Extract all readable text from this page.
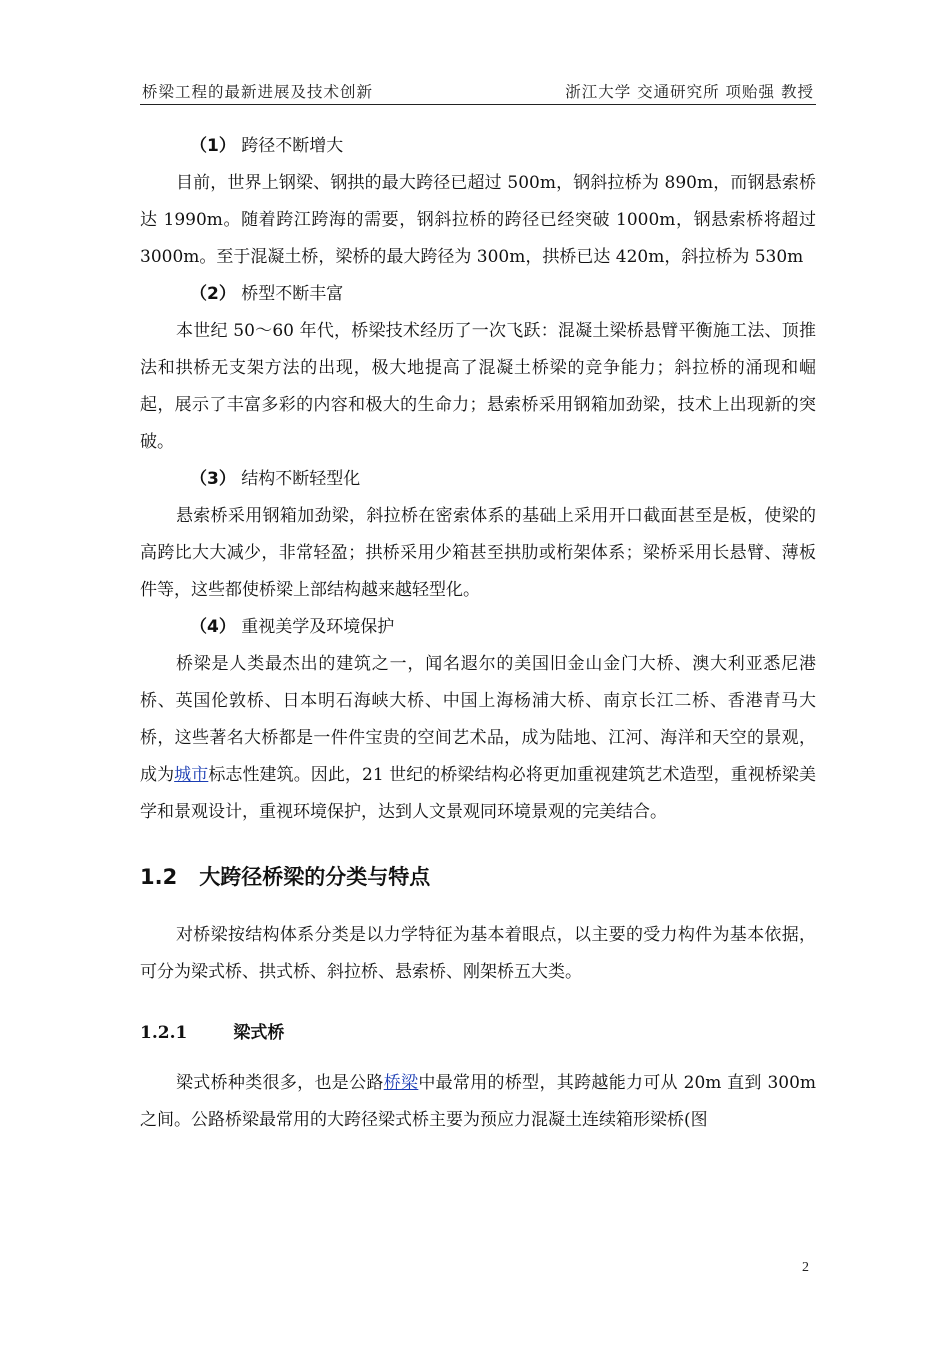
桥梁工程的最新进展及技术创新	浙江大学 交通研究所 项贻强 教授

（1） 跨径不断增大

目前，世界上钢梁、钢拱的最大跨径已超过 500m，钢斜拉桥为 890m，而钢悬索桥达 1990m。随着跨江跨海的需要，钢斜拉桥的跨径已经突破 1000m，钢悬索桥将超过 3000m。至于混凝土桥，梁桥的最大跨径为 300m，拱桥已达 420m，斜拉桥为 530m

（2） 桥型不断丰富

本世纪 50～60 年代，桥梁技术经历了一次飞跃：混凝土梁桥悬臂平衡施工法、顶推法和拱桥无支架方法的出现，极大地提高了混凝土桥梁的竞争能力；斜拉桥的涌现和崛起，展示了丰富多彩的内容和极大的生命力；悬索桥采用钢箱加劲梁，技术上出现新的突破。

（3） 结构不断轻型化

悬索桥采用钢箱加劲梁，斜拉桥在密索体系的基础上采用开口截面甚至是板，使梁的高跨比大大减少，非常轻盈；拱桥采用少箱甚至拱肋或桁架体系；梁桥采用长悬臂、薄板件等，这些都使桥梁上部结构越来越轻型化。

（4） 重视美学及环境保护

桥梁是人类最杰出的建筑之一，闻名遐尔的美国旧金山金门大桥、澳大利亚悉尼港桥、英国伦敦桥、日本明石海峡大桥、中国上海杨浦大桥、南京长江二桥、香港青马大桥，这些著名大桥都是一件件宝贵的空间艺术品，成为陆地、江河、海洋和天空的景观，成为城市标志性建筑。因此，21 世纪的桥梁结构必将更加重视建筑艺术造型，重视桥梁美学和景观设计，重视环境保护，达到人文景观同环境景观的完美结合。

1.2 大跨径桥梁的分类与特点

对桥梁按结构体系分类是以力学特征为基本着眼点，以主要的受力构件为基本依据，可分为梁式桥、拱式桥、斜拉桥、悬索桥、刚架桥五大类。

1.2.1	梁式桥

梁式桥种类很多，也是公路桥梁中最常用的桥型，其跨越能力可从 20m 直到 300m 之间。公路桥梁最常用的大跨径梁式桥主要为预应力混凝土连续箱形梁桥(图

2
